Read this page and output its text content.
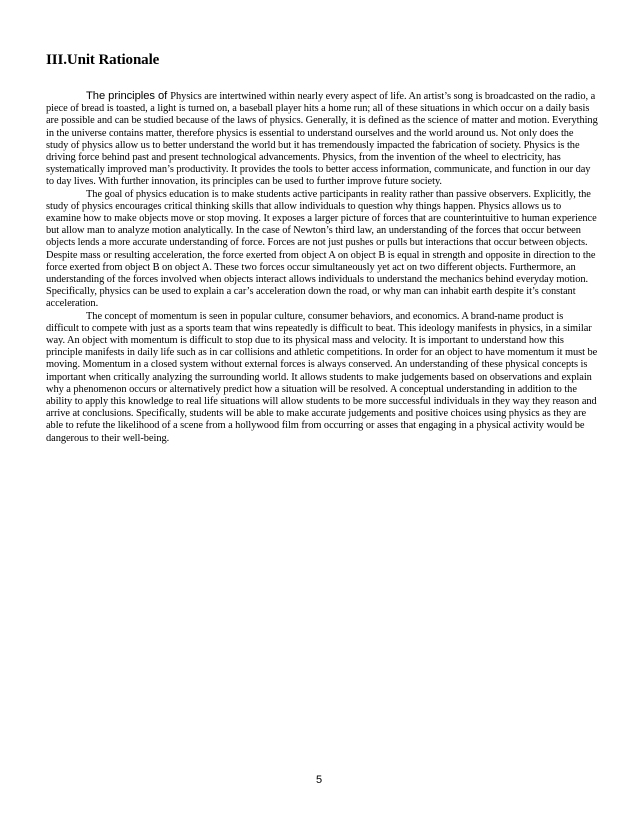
III.Unit Rationale

The principles of Physics are intertwined within nearly every aspect of life. An artist’s song is broadcasted on the radio, a piece of bread is toasted, a light is turned on, a baseball player hits a home run; all of these situations in which occur on a daily basis are possible and can be studied because of the laws of physics. Generally, it is defined as the science of matter and motion. Everything in the universe contains matter, therefore physics is essential to understand ourselves and the world around us. Not only does the study of physics allow us to better understand the world but it has tremendously impacted the fabrication of society. Physics is the driving force behind past and present technological advancements. Physics, from the invention of the wheel to electricity, has systematically improved man’s productivity. It provides the tools to better access information, communicate, and function in our day to day lives. With further innovation, its principles can be used to further improve future society.

The goal of physics education is to make students active participants in reality rather than passive observers. Explicitly, the study of physics encourages critical thinking skills that allow individuals to question why things happen. Physics allows us to examine how to make objects move or stop moving. It exposes a larger picture of forces that are counterintuitive to human experience but allow man to analyze motion analytically. In the case of Newton’s third law, an understanding of the forces that occur between objects lends a more accurate understanding of force. Forces are not just pushes or pulls but interactions that occur between objects. Despite mass or resulting acceleration, the force exerted from object A on object B is equal in strength and opposite in direction to the force exerted from object B on object A. These two forces occur simultaneously yet act on two different objects. Furthermore, an understanding of the forces involved when objects interact allows individuals to understand the mechanics behind everyday motion. Specifically, physics can be used to explain a car’s acceleration down the road, or why man can inhabit earth despite it’s constant acceleration.

The concept of momentum is seen in popular culture, consumer behaviors, and economics. A brand-name product is difficult to compete with just as a sports team that wins repeatedly is difficult to beat. This ideology manifests in physics, in a similar way. An object with momentum is difficult to stop due to its physical mass and velocity. It is important to understand how this principle manifests in daily life such as in car collisions and athletic competitions. In order for an object to have momentum it must be moving. Momentum in a closed system without external forces is always conserved. An understanding of these physical concepts is important when critically analyzing the surrounding world. It allows students to make judgements based on observations and explain why a phenomenon occurs or alternatively predict how a situation will be resolved. A conceptual understanding in addition to the ability to apply this knowledge to real life situations will allow students to be more successful individuals in they way they reason and arrive at conclusions. Specifically, students will be able to make accurate judgements and positive choices using physics as they are able to refute the likelihood of a scene from a hollywood film from occurring or asses that engaging in a physical activity would be dangerous to their well-being.

5
